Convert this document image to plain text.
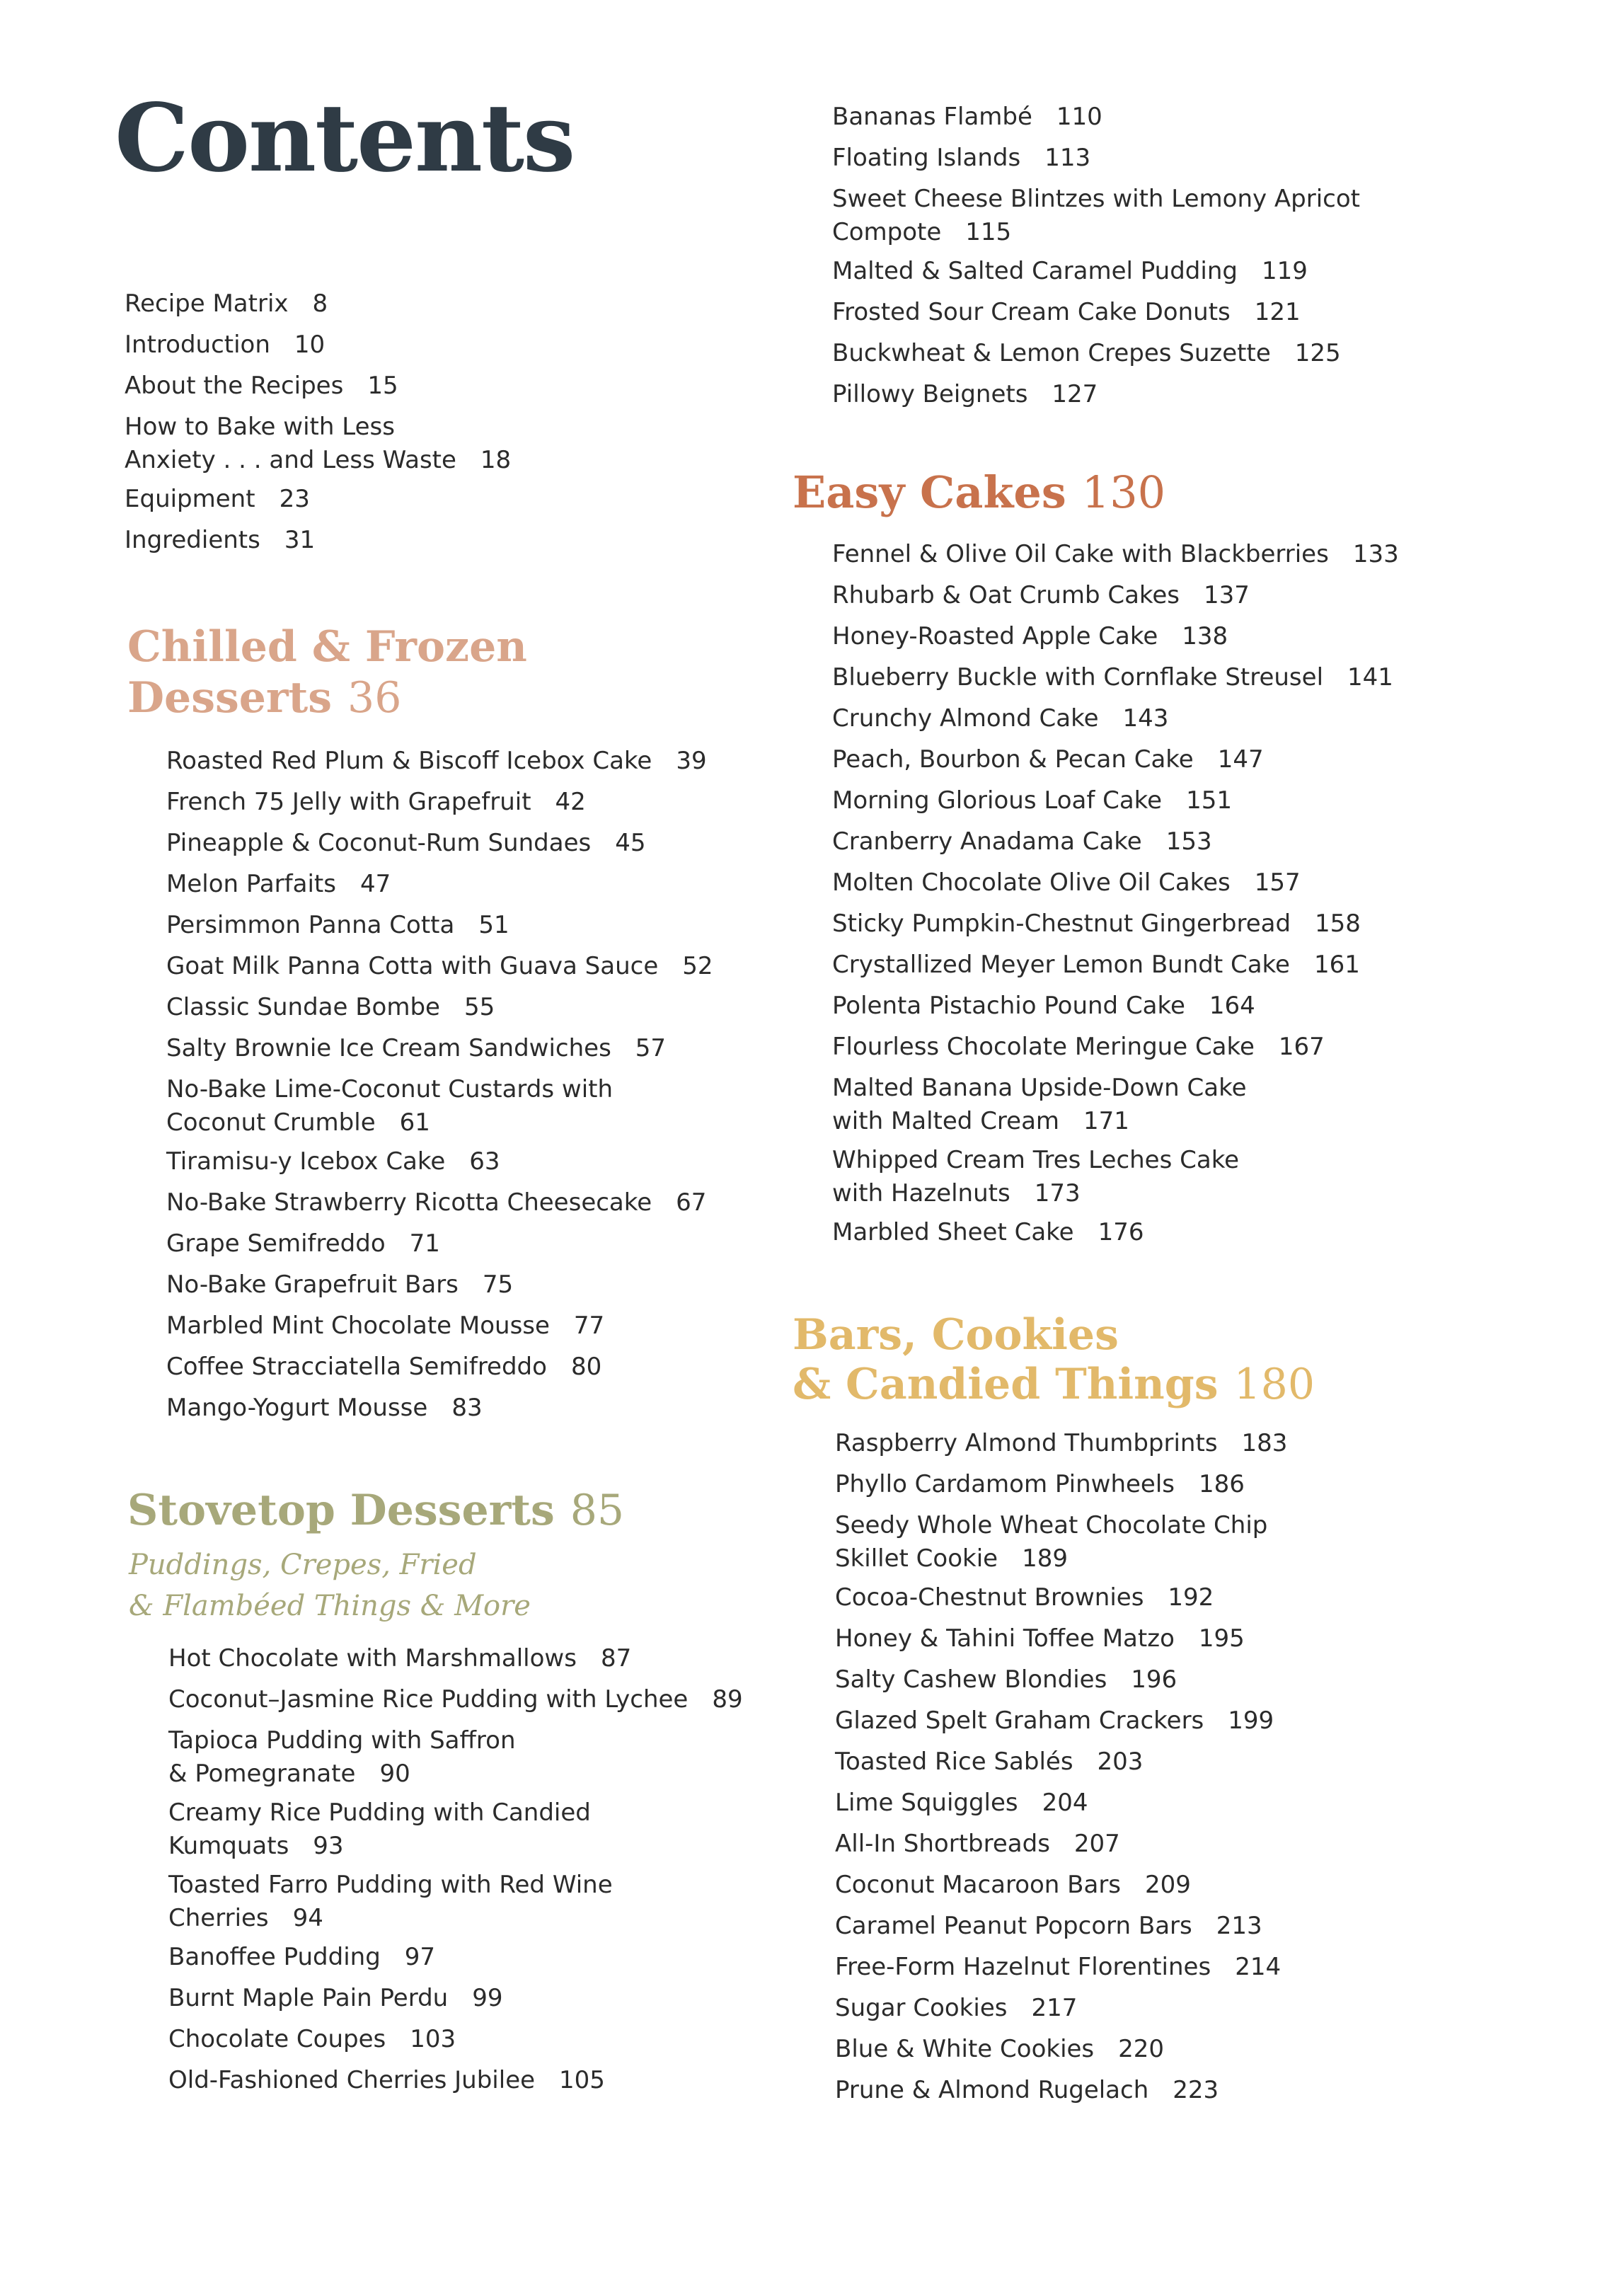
Contents

Recipe Matrix 8

Introduction 10

About the Recipes 15

How to Bake with Less
Anxiety . . . and Less Waste 18

Equipment 23

Ingredients 31

Roasted Red Plum & Biscoff Icebox Cake 39

French 75 Jelly with Grapefruit 42

Pineapple & Coconut-Rum Sundaes 45

Melon Parfaits 47

Persimmon Panna Cotta 51

Goat Milk Panna Cotta with Guava Sauce 52

Classic Sundae Bombe 55

Salty Brownie Ice Cream Sandwiches 57

No-Bake Lime-Coconut Custards with
Coconut Crumble 61

Tiramisu-y Icebox Cake 63

No-Bake Strawberry Ricotta Cheesecake 67

Grape Semifreddo 71

No-Bake Grapefruit Bars 75

Marbled Mint Chocolate Mousse 77

Coffee Stracciatella Semifreddo 80

Mango-Yogurt Mousse 83

Hot Chocolate with Marshmallows 87

Coconut–Jasmine Rice Pudding with Lychee 89

Tapioca Pudding with Saffron
& Pomegranate 90

Creamy Rice Pudding with Candied
Kumquats 93

Toasted Farro Pudding with Red Wine
Cherries 94

Banoffee Pudding 97

Burnt Maple Pain Perdu 99

Chocolate Coupes 103

Old-Fashioned Cherries Jubilee 105

Bananas Flambé 110

Floating Islands 113

Sweet Cheese Blintzes with Lemony Apricot
Compote 115

Malted & Salted Caramel Pudding 119

Frosted Sour Cream Cake Donuts 121

Buckwheat & Lemon Crepes Suzette 125

Pillowy Beignets 127

Fennel & Olive Oil Cake with Blackberries 133

Rhubarb & Oat Crumb Cakes 137

Honey-Roasted Apple Cake 138

Blueberry Buckle with Cornflake Streusel 141

Crunchy Almond Cake 143

Peach, Bourbon & Pecan Cake 147

Morning Glorious Loaf Cake 151

Cranberry Anadama Cake 153

Molten Chocolate Olive Oil Cakes 157

Sticky Pumpkin-Chestnut Gingerbread 158

Crystallized Meyer Lemon Bundt Cake 161

Polenta Pistachio Pound Cake 164

Flourless Chocolate Meringue Cake 167

Malted Banana Upside-Down Cake
with Malted Cream 171

Whipped Cream Tres Leches Cake
with Hazelnuts 173

Marbled Sheet Cake 176

Raspberry Almond Thumbprints 183

Phyllo Cardamom Pinwheels 186

Seedy Whole Wheat Chocolate Chip
Skillet Cookie 189

Cocoa-Chestnut Brownies 192

Honey & Tahini Toffee Matzo 195

Salty Cashew Blondies 196

Glazed Spelt Graham Crackers 199

Toasted Rice Sablés 203

Lime Squiggles 204

All-In Shortbreads 207

Coconut Macaroon Bars 209

Caramel Peanut Popcorn Bars 213

Free-Form Hazelnut Florentines 214

Sugar Cookies 217

Blue & White Cookies 220

Prune & Almond Rugelach 223

Chilled & Frozen
Desserts 36
Stovetop Desserts 85

Puddings, Crepes, Fried

& Flambéed Things & More

Easy Cakes 130
Bars, Cookies
& Candied Things 180
